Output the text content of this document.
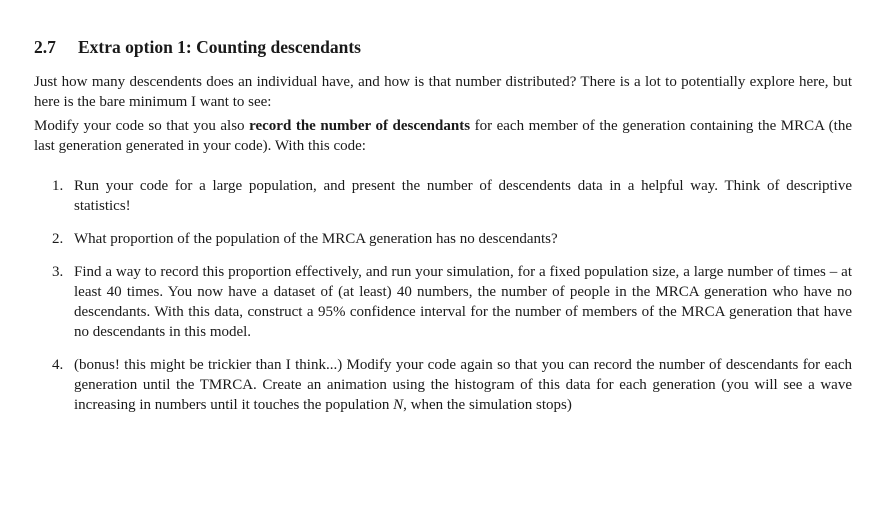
2.7 Extra option 1: Counting descendants

Just how many descendents does an individual have, and how is that number distributed? There is a lot to potentially explore here, but here is the bare minimum I want to see:

Modify your code so that you also record the number of descendants for each member of the generation containing the MRCA (the last generation generated in your code). With this code:

1. Run your code for a large population, and present the number of descendents data in a helpful way. Think of descriptive statistics!
2. What proportion of the population of the MRCA generation has no descendants?
3. Find a way to record this proportion effectively, and run your simulation, for a fixed population size, a large number of times – at least 40 times. You now have a dataset of (at least) 40 numbers, the number of people in the MRCA generation who have no descendants. With this data, construct a 95% confidence interval for the number of members of the MRCA generation that have no descendants in this model.
4. (bonus! this might be trickier than I think...) Modify your code again so that you can record the number of descendants for each generation until the TMRCA. Create an animation using the histogram of this data for each generation (you will see a wave increasing in numbers until it touches the population N, when the simulation stops)
